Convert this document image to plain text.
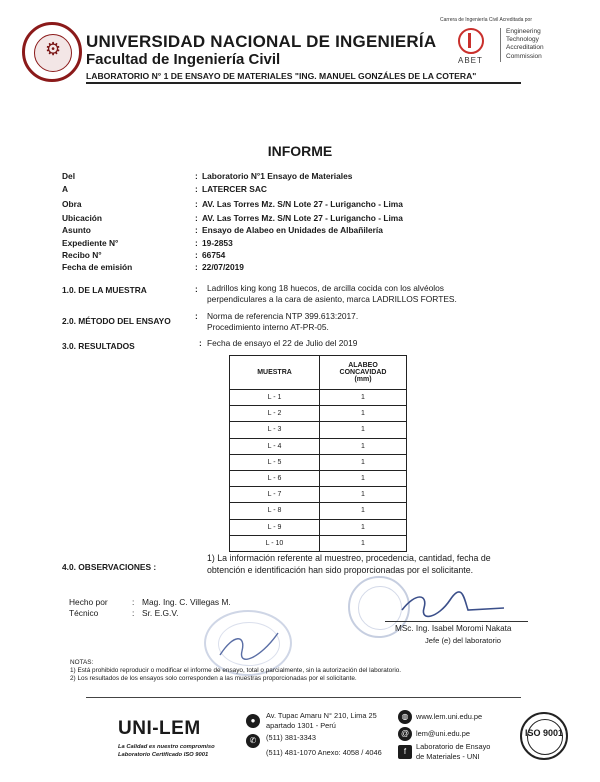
⚙ UNIVERSIDAD NACIONAL DE INGENIERÍA
Facultad de Ingeniería Civil
LABORATORIO N° 1 DE ENSAYO DE MATERIALES "ING. MANUEL GONZÁLES DE LA COTERA"
Carrera de Ingeniería Civil Acreditada por
ABET
Engineering
Technology
Accreditation
Commission
INFORME
Del	: Laboratorio N°1 Ensayo de Materiales
A	: LATERCER SAC
Obra	: AV. Las Torres Mz. S/N Lote 27 - Lurigancho - Lima
Ubicación	: AV. Las Torres Mz. S/N Lote 27 - Lurigancho - Lima
Asunto	: Ensayo de Alabeo en Unidades de Albañilería
Expediente N°	: 19-2853
Recibo N°	: 66754
Fecha de emisión	: 22/07/2019
1.0. DE LA MUESTRA	: Ladrillos king kong 18 huecos, de arcilla cocida con los alvéolos
perpendiculares a la cara de asiento, marca LADRILLOS FORTES.
2.0. MÉTODO DEL ENSAYO	: Norma de referencia NTP 399.613:2017.
Procedimiento interno AT-PR-05.
3.0. RESULTADOS	: Fecha de ensayo el 22 de Julio del 2019
MUESTRA	ALABEO
CONCAVIDAD
(mm)

L - 1	1
L - 2	1
L - 3	1
L - 4	1
L - 5	1
L - 6	1
L - 7	1
L - 8	1
L - 9	1
L - 10	1
4.0. OBSERVACIONES :
1) La información referente al muestreo, procedencia, cantidad, fecha de
obtención e identificación han sido proporcionadas por el solicitante.
Hecho por	: Mag. Ing. C. Villegas M.
Técnico	: Sr. E.G.V.
MSc. Ing. Isabel Moromi Nakata
Jefe (e) del laboratorio
NOTAS:
1) Está prohibido reproducir o modificar el informe de ensayo, total o parcialmente, sin la autorización del laboratorio.
2) Los resultados de los ensayos solo corresponden a las muestras proporcionadas por el solicitante.
UNI-LEM
La Calidad es nuestro compromiso
Laboratorio Certificado ISO 9001
●
Av. Tupac Amaru N° 210, Lima 25
apartado 1301 - Perú
✆	(511) 381-3343
(511) 481-1070 Anexo: 4058 / 4046
◍	www.lem.uni.edu.pe
@ lem@uni.edu.pe
f
Laboratorio de Ensayo
de Materiales - UNI
ISO 9001
